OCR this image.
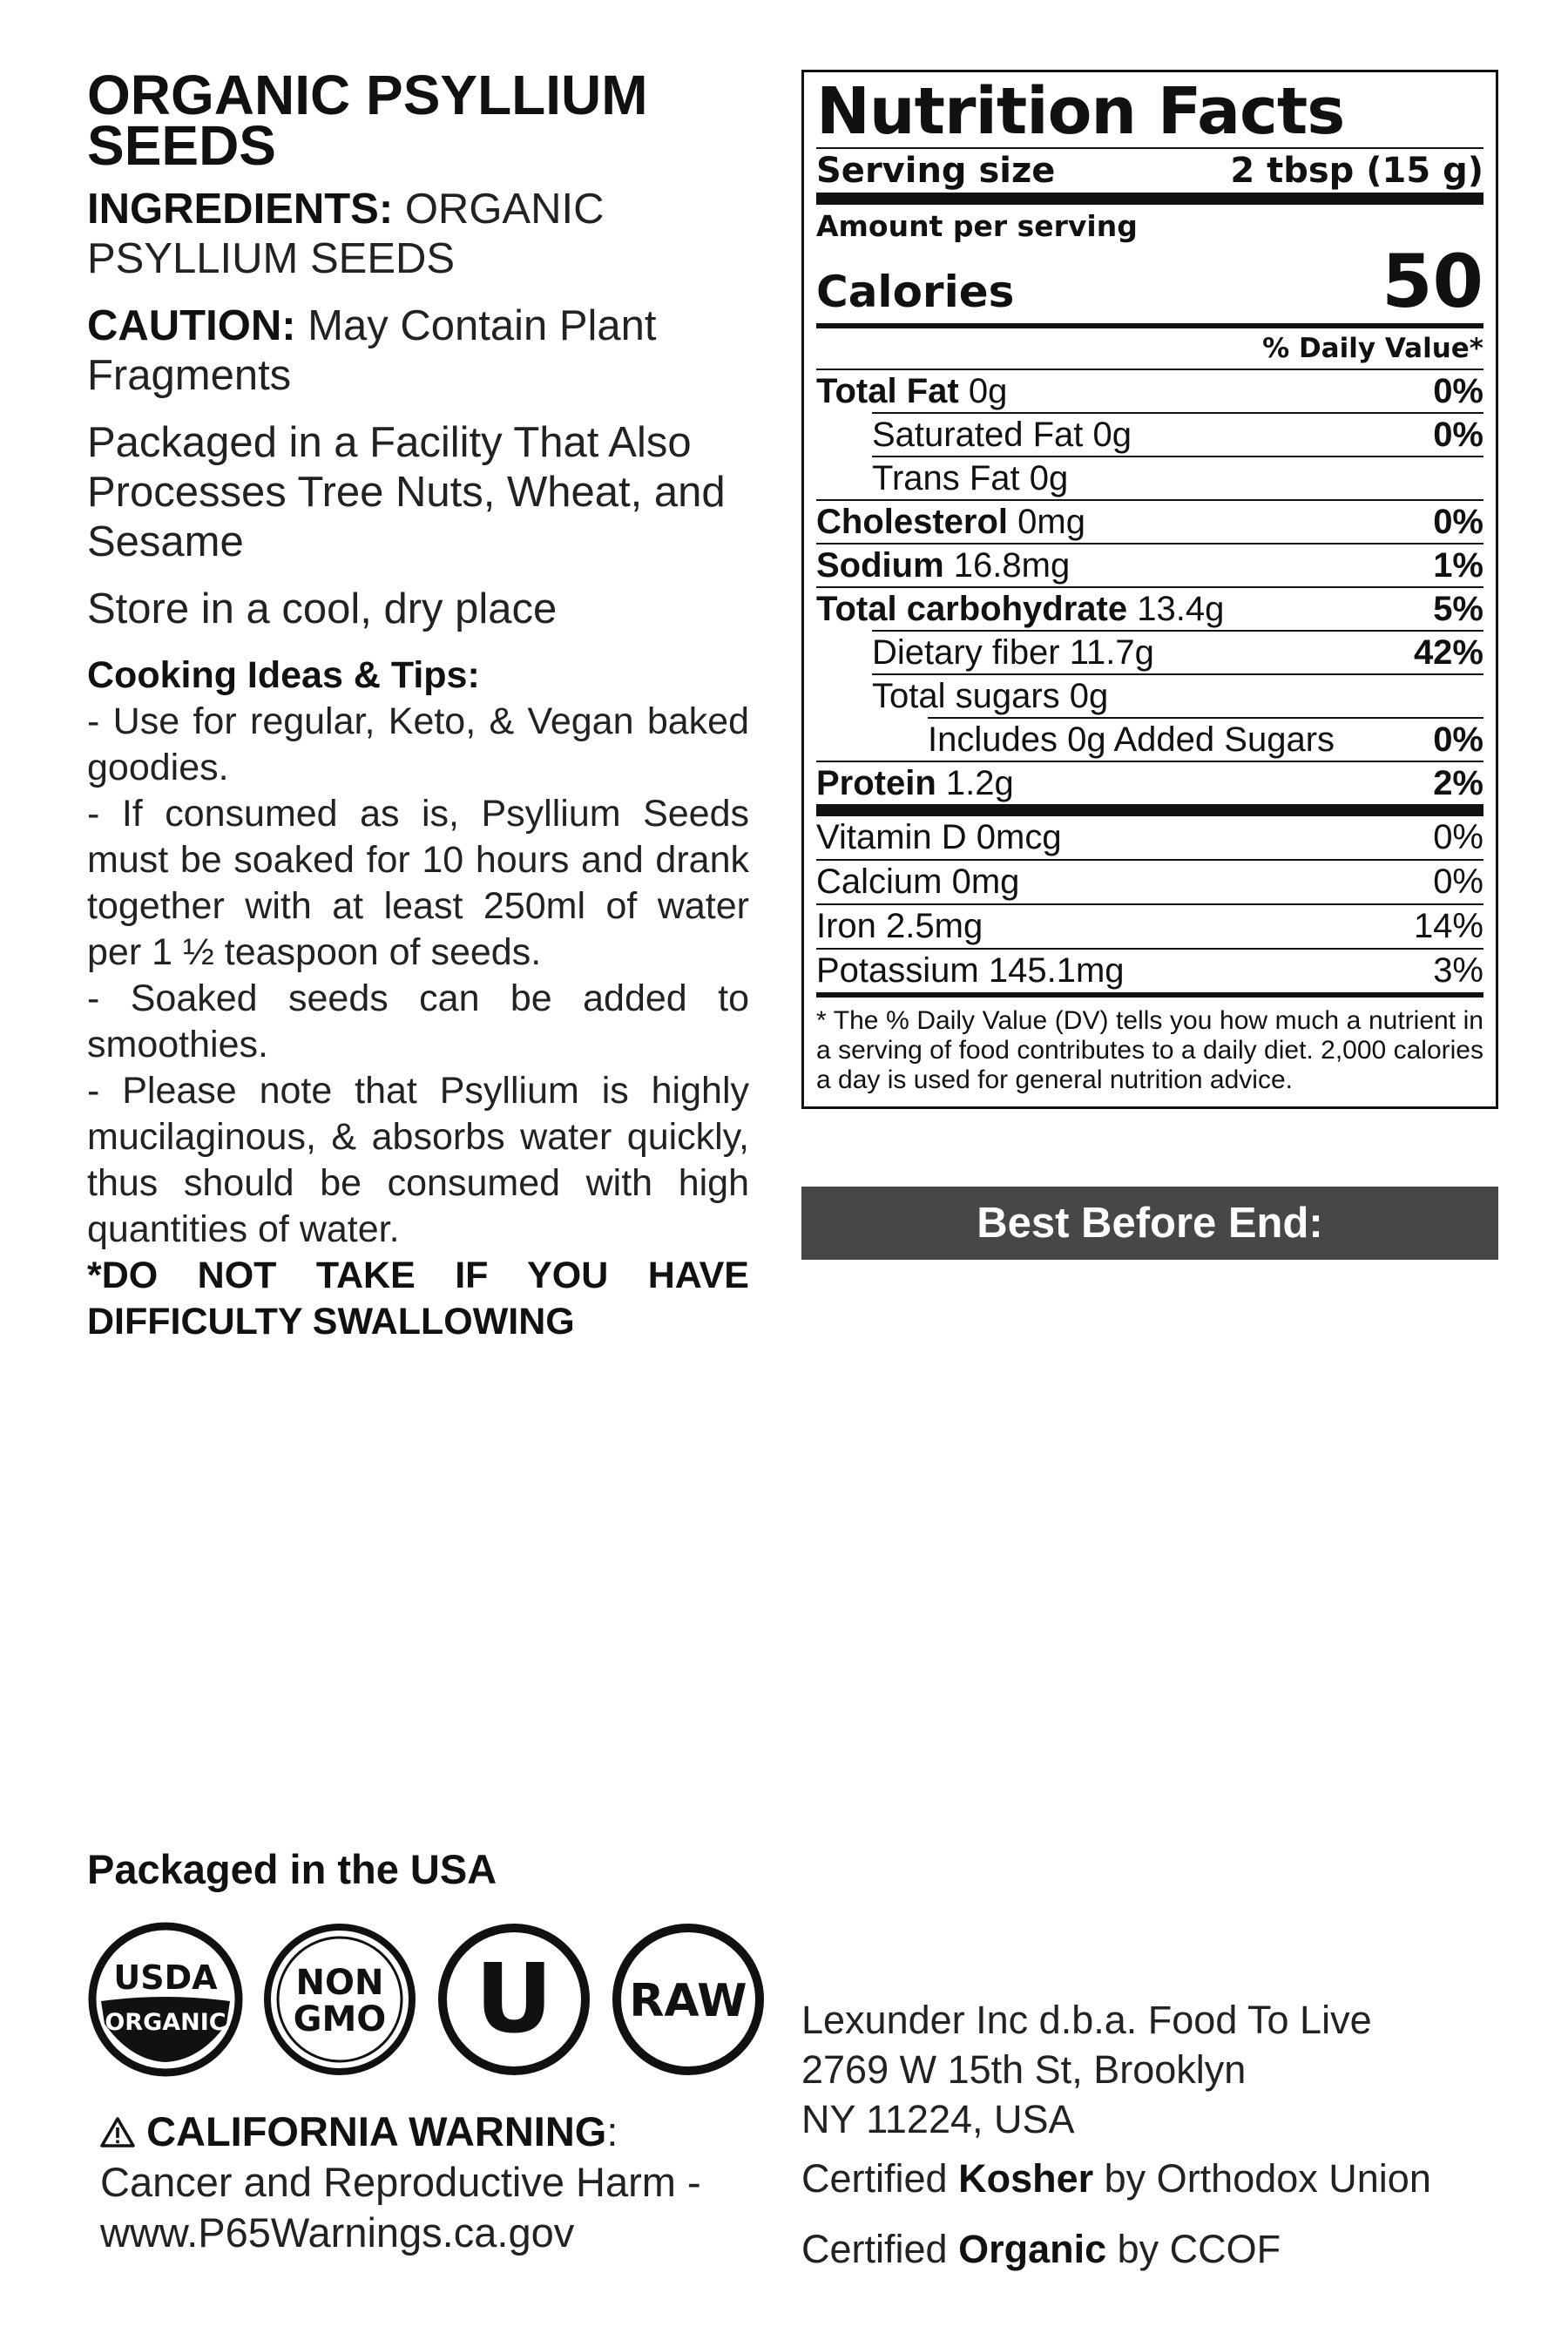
ORGANIC PSYLLIUM
SEEDS
INGREDIENTS: ORGANIC PSYLLIUM SEEDS
CAUTION: May Contain Plant Fragments
Packaged in a Facility That Also Processes Tree Nuts, Wheat, and Sesame
Store in a cool, dry place
Cooking Ideas & Tips:
- Use for regular, Keto, & Vegan baked goodies.
- If consumed as is, Psyllium Seeds must be soaked for 10 hours and drank together with at least 250ml of water per 1 ½ teaspoon of seeds.
- Soaked seeds can be added to smoothies.
- Please note that Psyllium is highly mucilaginous, & absorbs water quickly, thus should be consumed with high quantities of water.
*DO NOT TAKE IF YOU HAVE DIFFICULTY SWALLOWING
Nutrition Facts
Serving size	2 tbsp (15 g)
Amount per serving
Calories	50
% Daily Value*
Total Fat 0g	0%
Saturated Fat 0g	0%
Trans Fat 0g
Cholesterol 0mg	0%
Sodium 16.8mg	1%
Total carbohydrate 13.4g	5%
Dietary fiber 11.7g	42%
Total sugars 0g
Includes 0g Added Sugars	0%
Protein 1.2g	2%
Vitamin D 0mcg	0%
Calcium 0mg	0%
Iron 2.5mg	14%
Potassium 145.1mg	3%
* The % Daily Value (DV) tells you how much a nutrient in a serving of food contributes to a daily diet. 2,000 calories a day is used for general nutrition advice.
Best Before End:
Packaged in the USA
USDA
ORGANIC
NON
GMO U RAW
CALIFORNIA WARNING:
Cancer and Reproductive Harm - www.P65Warnings.ca.gov
Lexunder Inc d.b.a. Food To Live
2769 W 15th St, Brooklyn
NY 11224, USA
Certified Kosher by Orthodox Union
Certified Organic by CCOF
